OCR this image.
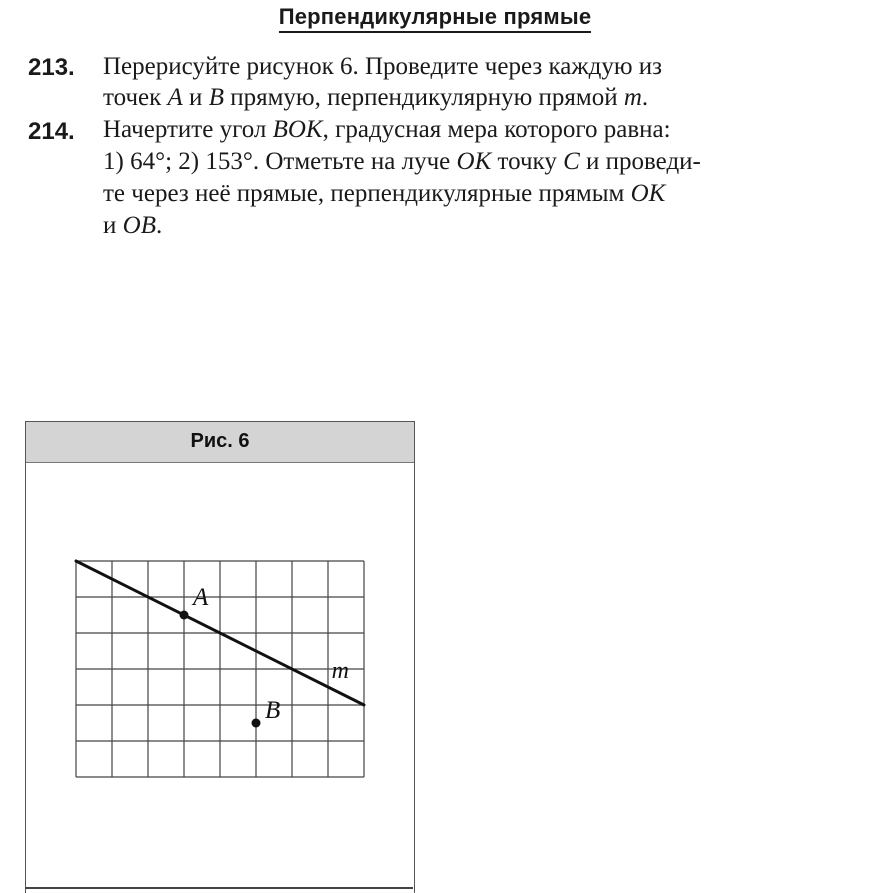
Перпендикулярные прямые
213. Перерисуйте рисунок 6. Проведите через каждую из
точек A и B прямую, перпендикулярную прямой m.
214. Начертите угол BOK, градусная мера которого равна:
1) 64°; 2) 153°. Отметьте на луче OK точку C и проведи-
те через неё прямые, перпендикулярные прямым OK
и OB.
Рис. 6
m
A
B
